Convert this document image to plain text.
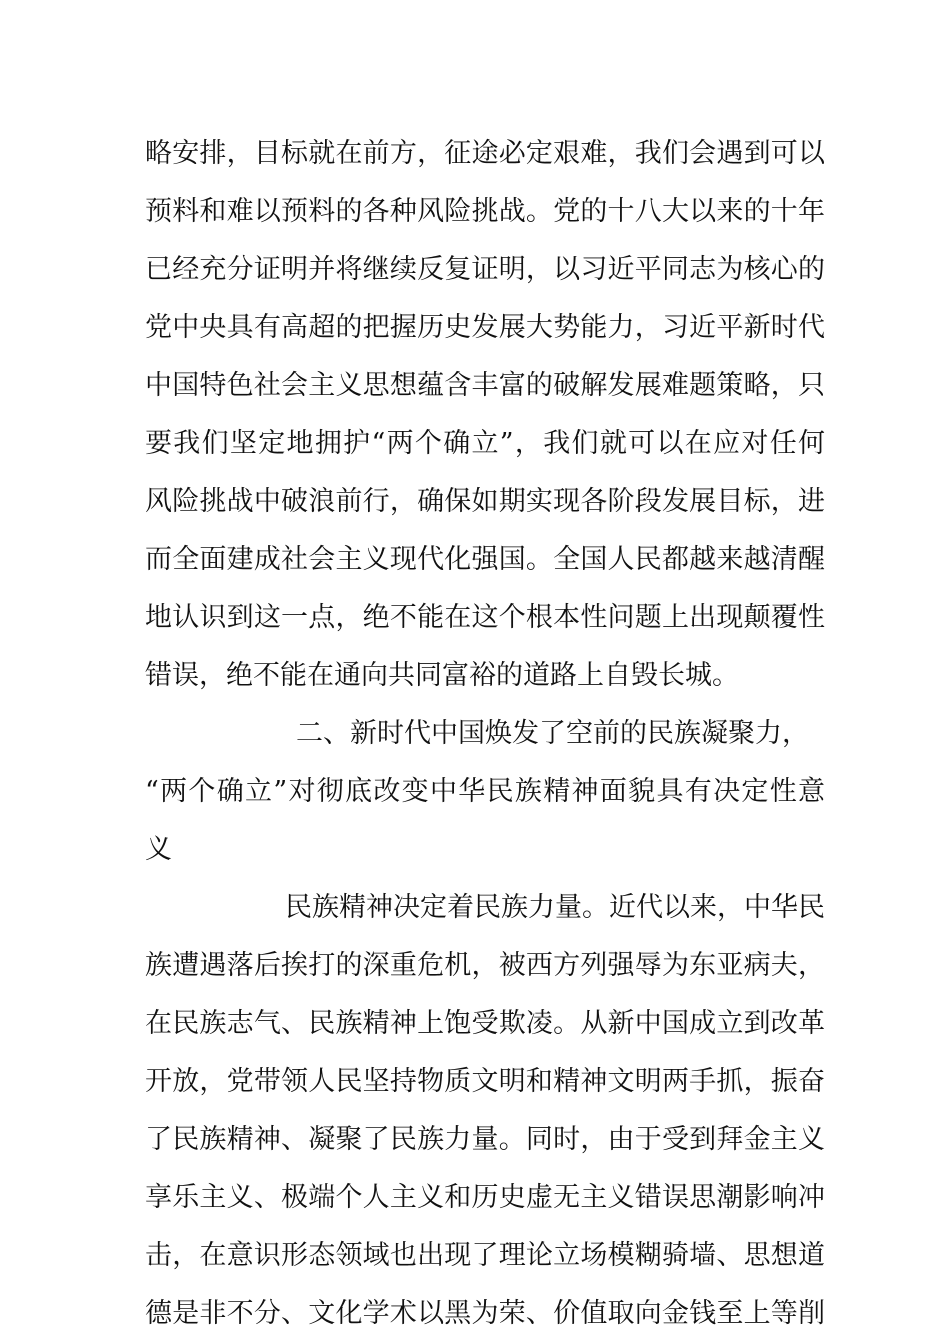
略安排，目标就在前方，征途必定艰难，我们会遇到可以
预料和难以预料的各种风险挑战。党的十八大以来的十年
已经充分证明并将继续反复证明，以习近平同志为核心的
党中央具有高超的把握历史发展大势能力，习近平新时代
中国特色社会主义思想蕴含丰富的破解发展难题策略，只
要我们坚定地拥护“两个确立”，我们就可以在应对任何
风险挑战中破浪前行，确保如期实现各阶段发展目标，进
而全面建成社会主义现代化强国。全国人民都越来越清醒
地认识到这一点，绝不能在这个根本性问题上出现颠覆性
错误，绝不能在通向共同富裕的道路上自毁长城。
二、新时代中国焕发了空前的民族凝聚力，
“两个确立”对彻底改变中华民族精神面貌具有决定性意
义
民族精神决定着民族力量。近代以来，中华民
族遭遇落后挨打的深重危机，被西方列强辱为东亚病夫，
在民族志气、民族精神上饱受欺凌。从新中国成立到改革
开放，党带领人民坚持物质文明和精神文明两手抓，振奋
了民族精神、凝聚了民族力量。同时，由于受到拜金主义
享乐主义、极端个人主义和历史虚无主义错误思潮影响冲
击，在意识形态领域也出现了理论立场模糊骑墙、思想道
德是非不分、文化学术以黑为荣、价值取向金钱至上等削
